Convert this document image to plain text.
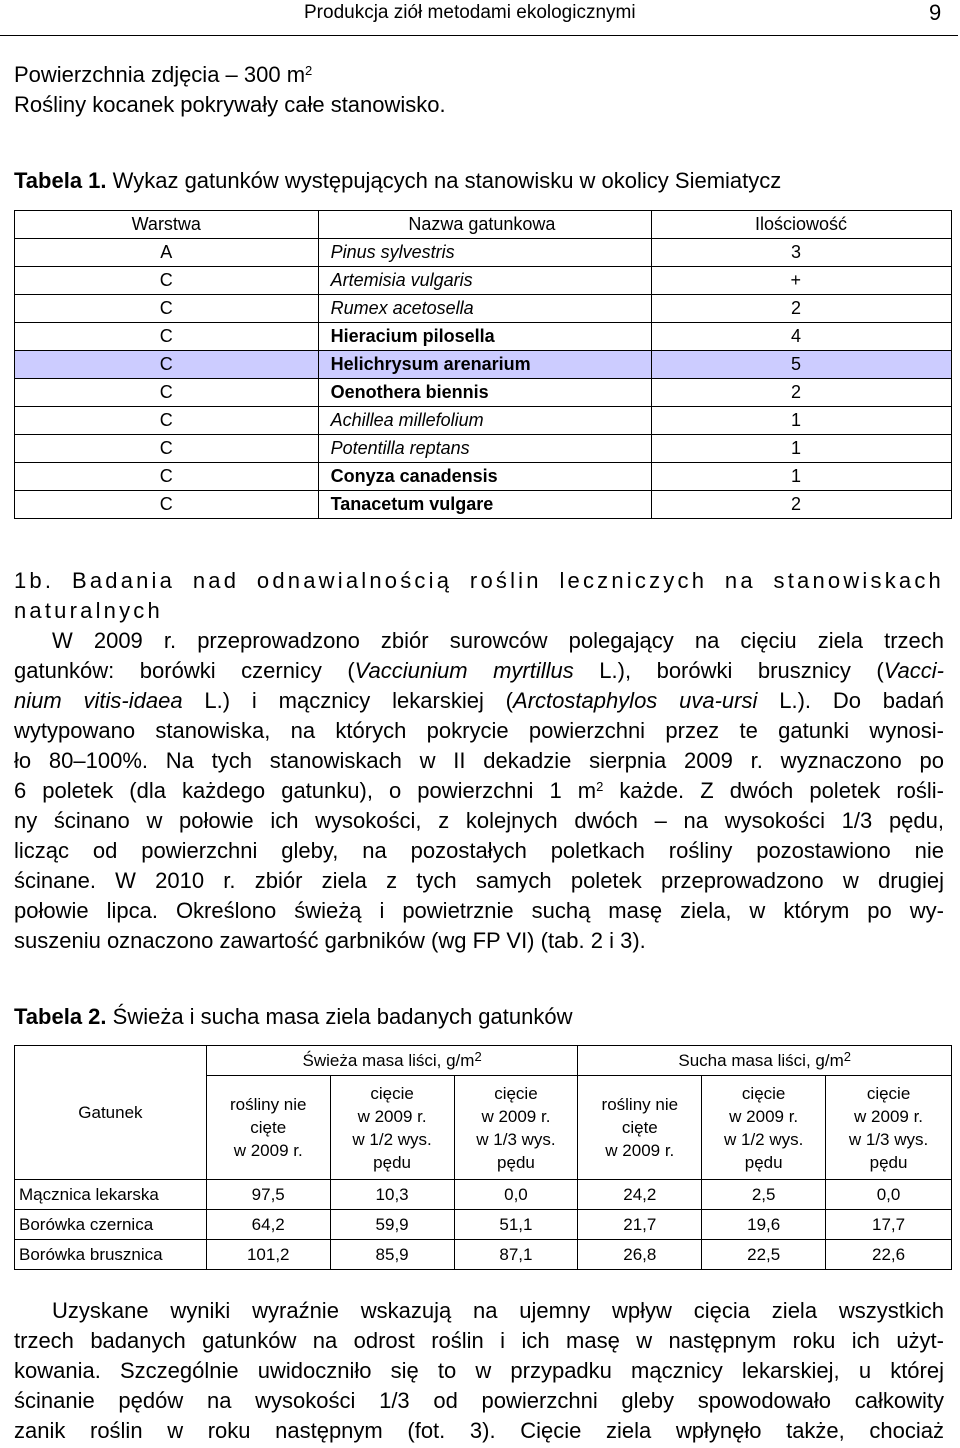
Produkcja ziół metodami ekologicznymi	9
Powierzchnia zdjęcia – 300 $m^2$
Rośliny kocanek pokrywały całe stanowisko.
Tabela 1. Wykaz gatunków występujących na stanowisku w okolicy Siemiatycz
Warstwa	Nazwa gatunkowa	Ilościowość
A	Pinus sylvestris	3
C	Artemisia vulgaris	+
C	Rumex acetosella	2
C	Hieracium pilosella	4
C	Helichrysum arenarium	5
C	Oenothera biennis	2
C	Achillea millefolium	1
C	Potentilla reptans	1
C	Conyza canadensis	1
C	Tanacetum vulgare	2
1b. Badania nad odnawialnością roślin leczniczych na stanowiskach
naturalnych
W 2009 r. przeprowadzono zbiór surowców polegający na cięciu ziela trzech
gatunków: borówki czernicy (Vacciunium myrtillus L.), borówki brusznicy (Vacci-
nium vitis-idaea L.) i mącznicy lekarskiej (Arctostaphylos uva-ursi L.). Do badań
wytypowano stanowiska, na których pokrycie powierzchni przez te gatunki wynosi-
ło 80–100%. Na tych stanowiskach w II dekadzie sierpnia 2009 r. wyznaczono po
6 poletek (dla każdego gatunku), o powierzchni 1 $m^2$ każde. Z dwóch poletek rośli-
ny ścinano w połowie ich wysokości, z kolejnych dwóch – na wysokości 1/3 pędu,
licząc od powierzchni gleby, na pozostałych poletkach rośliny pozostawiono nie
ścinane. W 2010 r. zbiór ziela z tych samych poletek przeprowadzono w drugiej
połowie lipca. Określono świeżą i powietrznie suchą masę ziela, w którym po wy-
suszeniu oznaczono zawartość garbników (wg FP VI) (tab. 2 i 3).
Tabela 2. Świeża i sucha masa ziela badanych gatunków
Gatunek	Świeża masa liści, $g/m^2$			Sucha masa liści, $g/m^2$
	rośliny nie
cięte
w 2009 r.	cięcie
w 2009 r.
w 1/2 wys.
pędu	cięcie
w 2009 r.
w 1/3 wys.
pędu	rośliny nie
cięte
w 2009 r.	cięcie
w 2009 r.
w 1/2 wys.
pędu	cięcie
w 2009 r.
w 1/3 wys.
pędu
Mącznica lekarska	97,5	10,3	0,0	24,2	2,5	0,0
Borówka czernica	64,2	59,9	51,1	21,7	19,6	17,7
Borówka brusznica	101,2	85,9	87,1	26,8	22,5	22,6
Uzyskane wyniki wyraźnie wskazują na ujemny wpływ cięcia ziela wszystkich
trzech badanych gatunków na odrost roślin i ich masę w następnym roku ich użyt-
kowania. Szczególnie uwidoczniło się to w przypadku mącznicy lekarskiej, u której
ścinanie pędów na wysokości 1/3 od powierzchni gleby spowodowało całkowity
zanik roślin w roku następnym (fot. 3). Cięcie ziela wpłynęło także, chociaż
